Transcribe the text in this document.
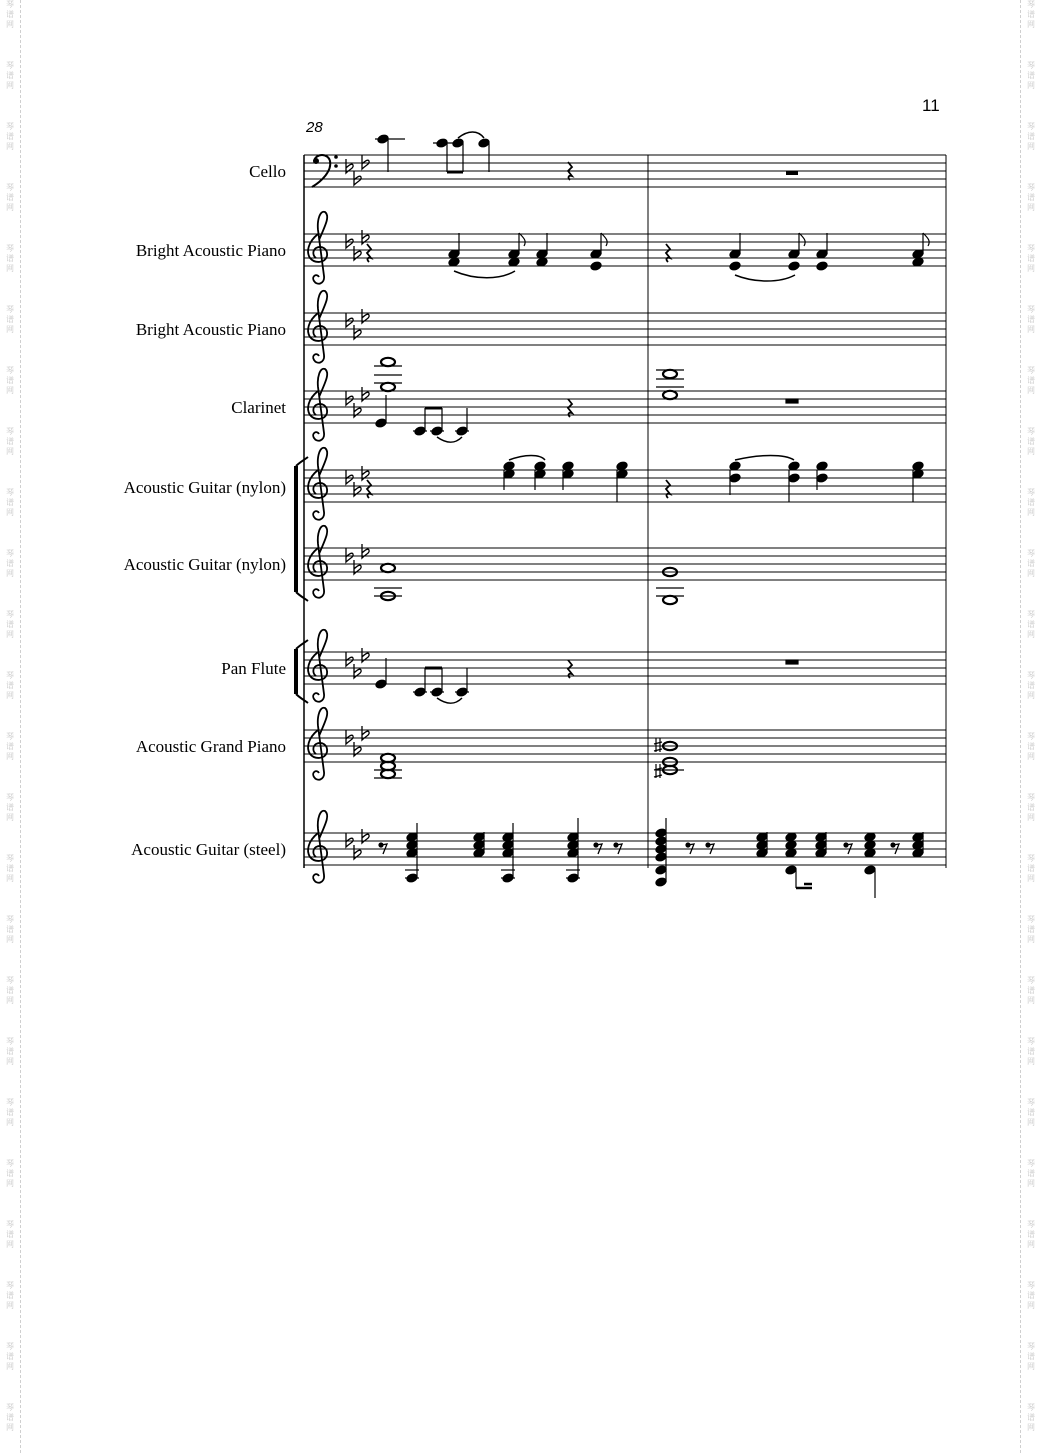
琴
谱
网
琴
谱
网
琴
谱
网
琴
谱
网
琴
谱
网
琴
谱
网
琴
谱
网
琴
谱
网
琴
谱
网
琴
谱
网
琴
谱
网
琴
谱
网
琴
谱
网
琴
谱
网
琴
谱
网
琴
谱
网
琴
谱
网
琴
谱
网
琴
谱
网
琴
谱
网
琴
谱
网
琴
谱
网
琴
谱
网
琴
谱
网
琴
谱
网
琴
谱
网
琴
谱
网
琴
谱
网
琴
谱
网
琴
谱
网
琴
谱
网
琴
谱
网
琴
谱
网
琴
谱
网
琴
谱
网
琴
谱
网
琴
谱
网
琴
谱
网
琴
谱
网
琴
谱
网
琴
谱
网
琴
谱
网
琴
谱
网
琴
谱
网
琴
谱
网
琴
谱
网
琴
谱
网
琴
谱
网
11
28
Cello
Bright Acoustic Piano
Bright Acoustic Piano
Clarinet
Acoustic Guitar (nylon)
Acoustic Guitar (nylon)
Pan Flute
Acoustic Grand Piano
Acoustic Guitar (steel)
